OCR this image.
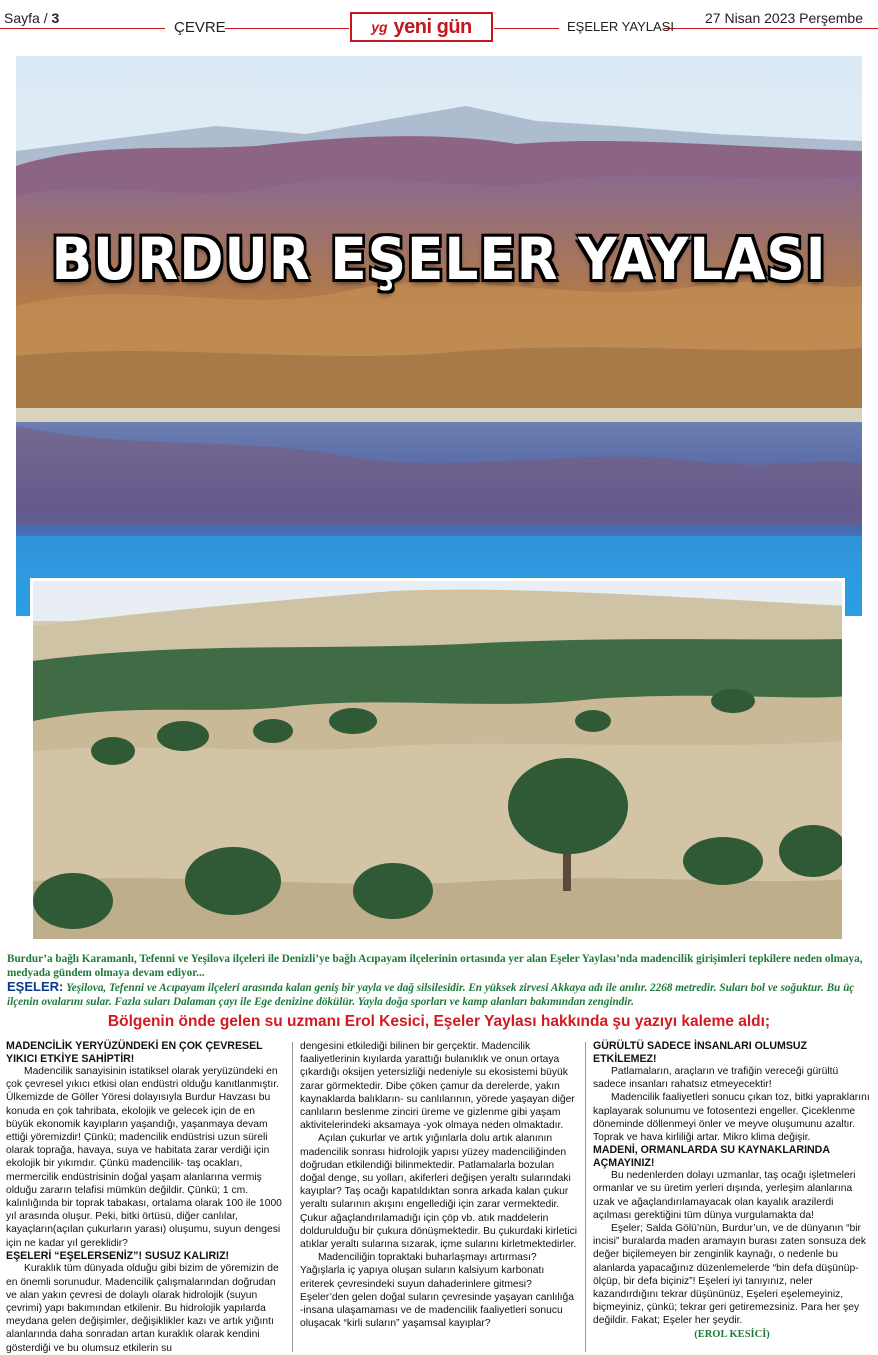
Sayfa / 3
ÇEVRE	yg yeni gün	EŞELER YAYLASI
27 Nisan 2023 Perşembe
BURDUR EŞELER YAYLASI
Burdur’a bağlı Karamanlı, Tefenni ve Yeşilova ilçeleri ile Denizli’ye bağlı Acıpayam ilçelerinin ortasında yer alan Eşeler Yaylası’nda madencilik girişimleri tepkilere neden olmaya, medyada gündem olmaya devam ediyor...
EŞELER: Yeşilova, Tefenni ve Acıpayam ilçeleri arasında kalan geniş bir yayla ve dağ silsilesidir. En yüksek zirvesi Akkaya adı ile anılır. 2268 metredir. Suları bol ve soğuktur. Bu üç ilçenin ovalarını sular. Fazla suları Dalaman çayı ile Ege denizine dökülür. Yayla doğa sporları ve kamp alanları bakımından zengindir.
Bölgenin önde gelen su uzmanı Erol Kesici, Eşeler Yaylası hakkında şu yazıyı kaleme aldı;
MADENCİLİK YERYÜZÜNDEKİ EN ÇOK ÇEVRESEL YIKICI ETKİYE SAHİPTİR!
Madencilik sanayisinin istatiksel olarak yeryüzündeki en çok çevresel yıkıcı etkisi olan endüstri olduğu kanıtlanmıştır. Ülkemizde de Göller Yöresi dolayısıyla Burdur Havzası bu konuda en çok tahribata, ekolojik ve gelecek için de en büyük ekonomik kayıpların yaşandığı, yaşanmaya devam ettiği yöremizdir! Çünkü; madencilik endüstrisi uzun süreli olarak toprağa, havaya, suya ve habitata zarar verdiği için ekolojik bir yıkımdır. Çünkü madencilik- taş ocakları, mermercilik endüstrisinin doğal yaşam alanlarına vermiş olduğu zararın telafisi mümkün değildir. Çünkü; 1 cm. kalınlığında bir toprak tabakası, ortalama olarak 100 ile 1000 yıl arasında oluşur. Peki, bitki örtüsü, diğer canlılar, kayaçların(açılan çukurların yarası) oluşumu, suyun dengesi için ne kadar yıl gereklidir?
EŞELERİ “EŞELERSENİZ”! SUSUZ KALIRIZ!
Kuraklık tüm dünyada olduğu gibi bizim de yöremizin de en önemli sorunudur. Madencilik çalışmalarından doğrudan ve alan yakın çevresi de dolaylı olarak hidrolojik (suyun çevrimi) yapı bakımından etkilenir. Bu hidrolojik yapılarda meydana gelen değişimler, değişiklikler kazı ve artık yığıntı alanlarında daha sonradan artan kuraklık olarak kendini gösterdiği ve bu olumsuz etkilerin su
dengesini etkilediği bilinen bir gerçektir. Madencilik faaliyetlerinin kıyılarda yarattığı bulanıklık ve onun ortaya çıkardığı oksijen yetersizliği nedeniyle su ekosistemi büyük zarar görmektedir. Dibe çöken çamur da derelerde, yakın kaynaklarda balıkların- su canlılarının, yörede yaşayan diğer canlıların beslenme zinciri üreme ve gizlenme gibi yaşam aktivitelerindeki aksamaya -yok olmaya neden olmaktadır.
Açılan çukurlar ve artık yığınlarla dolu artık alanının madencilik sonrası hidrolojik yapısı yüzey madenciliğinden doğrudan etkilendiği bilinmektedir. Patlamalarla bozulan doğal denge, su yolları, akiferleri değişen yeraltı sularındaki kayıplar? Taş ocağı kapatıldıktan sonra arkada kalan çukur yeraltı sularının akışını engellediği için zarar vermektedir. Çukur ağaçlandırılamadığı için çöp vb. atık maddelerin doldurulduğu bir çukura dönüşmektedir. Bu çukurdaki kirletici atıklar yeraltı sularına sızarak, içme sularını kirletmektedirler.
Madenciliğin topraktaki buharlaşmayı artırması? Yağışlarla iç yapıya oluşan suların kalsiyum karbonatı eriterek çevresindeki suyun dahaderinlere gitmesi? Eşeler’den gelen doğal suların çevresinde yaşayan canlılığa -insana ulaşamaması ve de madencilik faaliyetleri sonucu oluşacak “kirli suların” yaşamsal kayıplar?
GÜRÜLTÜ SADECE İNSANLARI OLUMSUZ ETKİLEMEZ!
Patlamaların, araçların ve trafiğin vereceği gürültü sadece insanları rahatsız etmeyecektir!
Madencilik faaliyetleri sonucu çıkan toz, bitki yapraklarını kaplayarak solunumu ve fotosentezi engeller. Çiceklenme döneminde döllenmeyi önler ve meyve oluşumunu azaltır. Toprak ve hava kirliliği artar. Mikro klima değişir.
MADENİ, ORMANLARDA SU KAYNAKLARINDA AÇMAYINIZ!
Bu nedenlerden dolayı uzmanlar, taş ocağı işletmeleri ormanlar ve su üretim yerleri dışında, yerleşim alanlarına uzak ve ağaçlandırılamayacak olan kayalık arazilerdi açılması gerektiğini tüm dünya vurgulamakta da!
Eşeler; Salda Gölü’nün, Burdur’un, ve de dünyanın “bir incisi” buralarda maden aramayın burası zaten sonsuza dek değer biçilemeyen bir zenginlik kaynağı, o nedenle bu alanlarda yapacağınız düzenlemelerde “bin defa düşünüp- ölçüp, bir defa biçiniz”! Eşeleri iyi tanıyınız, neler kazandırdığını tekrar düşününüz, Eşeleri eşelemeyiniz, biçmeyiniz, çünkü; tekrar geri getiremezsiniz. Para her şey değildir. Fakat; Eşeler her şeydir.
(EROL KESİCİ)
